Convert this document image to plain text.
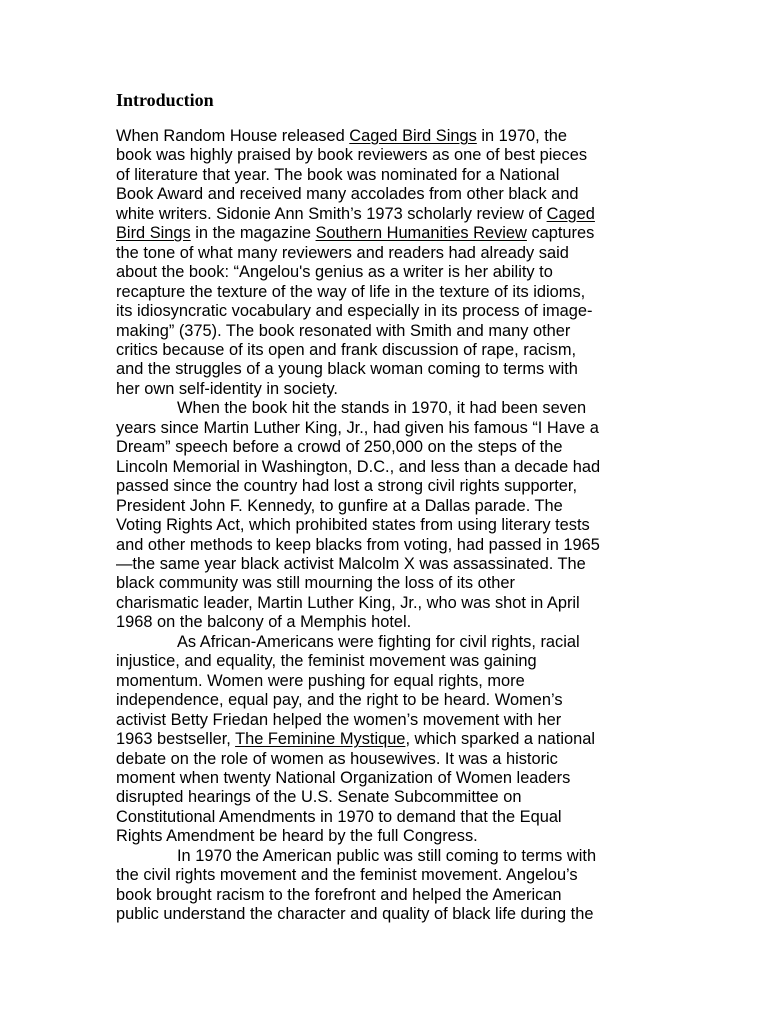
Introduction
When Random House released Caged Bird Sings in 1970, the
book was highly praised by book reviewers as one of best pieces
of literature that year. The book was nominated for a National
Book Award and received many accolades from other black and
white writers. Sidonie Ann Smith’s 1973 scholarly review of Caged
Bird Sings in the magazine Southern Humanities Review captures
the tone of what many reviewers and readers had already said
about the book: “Angelou's genius as a writer is her ability to
recapture the texture of the way of life in the texture of its idioms,
its idiosyncratic vocabulary and especially in its process of image-
making” (375). The book resonated with Smith and many other
critics because of its open and frank discussion of rape, racism,
and the struggles of a young black woman coming to terms with
her own self-identity in society.
When the book hit the stands in 1970, it had been seven
years since Martin Luther King, Jr., had given his famous “I Have a
Dream” speech before a crowd of 250,000 on the steps of the
Lincoln Memorial in Washington, D.C., and less than a decade had
passed since the country had lost a strong civil rights supporter,
President John F. Kennedy, to gunfire at a Dallas parade. The
Voting Rights Act, which prohibited states from using literary tests
and other methods to keep blacks from voting, had passed in 1965
—the same year black activist Malcolm X was assassinated. The
black community was still mourning the loss of its other
charismatic leader, Martin Luther King, Jr., who was shot in April
1968 on the balcony of a Memphis hotel.
As African-Americans were fighting for civil rights, racial
injustice, and equality, the feminist movement was gaining
momentum. Women were pushing for equal rights, more
independence, equal pay, and the right to be heard. Women’s
activist Betty Friedan helped the women’s movement with her
1963 bestseller, The Feminine Mystique, which sparked a national
debate on the role of women as housewives. It was a historic
moment when twenty National Organization of Women leaders
disrupted hearings of the U.S. Senate Subcommittee on
Constitutional Amendments in 1970 to demand that the Equal
Rights Amendment be heard by the full Congress.
In 1970 the American public was still coming to terms with
the civil rights movement and the feminist movement. Angelou’s
book brought racism to the forefront and helped the American
public understand the character and quality of black life during the
